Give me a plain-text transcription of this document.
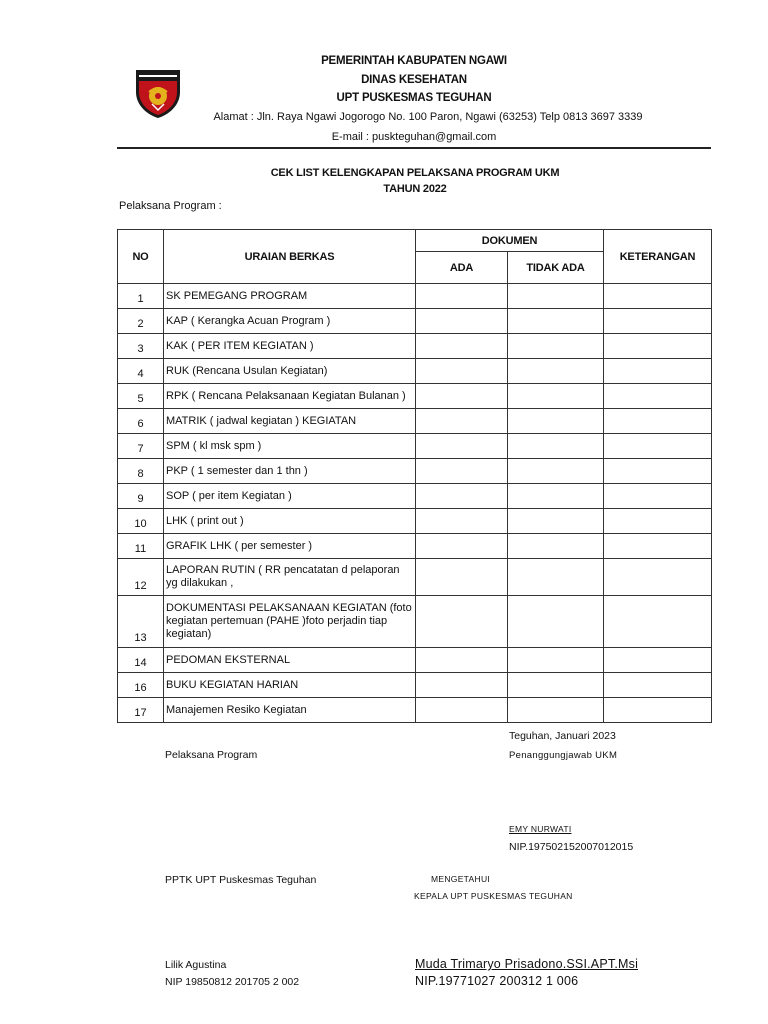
PEMERINTAH KABUPATEN NGAWI
DINAS KESEHATAN
UPT PUSKESMAS TEGUHAN
Alamat : Jln. Raya Ngawi Jogorogo No. 100 Paron, Ngawi (63253) Telp 0813 3697 3339
E-mail : puskteguhan@gmail.com
CEK LIST KELENGKAPAN PELAKSANA PROGRAM UKM
TAHUN 2022
Pelaksana Program :
NO	URAIAN BERKAS	DOKUMEN		KETERANGAN
		ADA	TIDAK ADA	
1	SK PEMEGANG PROGRAM			
2	KAP ( Kerangka Acuan Program )			
3	KAK ( PER ITEM KEGIATAN )			
4	RUK (Rencana Usulan Kegiatan)			
5	RPK ( Rencana Pelaksanaan Kegiatan Bulanan )			
6	MATRIK ( jadwal kegiatan ) KEGIATAN			
7	SPM ( kl msk spm )			
8	PKP ( 1 semester dan 1 thn )			
9	SOP ( per item Kegiatan )			
10	LHK ( print out )			
11	GRAFIK LHK ( per semester )			
12	LAPORAN RUTIN ( RR pencatatan d pelaporan yg dilakukan ,			
13	DOKUMENTASI PELAKSANAAN KEGIATAN (foto kegiatan pertemuan (PAHE )foto perjadin tiap kegiatan)			
14	PEDOMAN EKSTERNAL			
16	BUKU KEGIATAN HARIAN			
17	Manajemen Resiko Kegiatan			
Teguhan, Januari 2023
Pelaksana Program	Penanggungjawab UKM
EMY NURWATI
NIP.197502152007012015
PPTK UPT Puskesmas Teguhan	MENGETAHUI
KEPALA UPT PUSKESMAS TEGUHAN
Lilik Agustina	Muda Trimaryo Prisadono.SSI.APT.Msi
NIP 19850812 201705 2 002	NIP.19771027 200312 1 006
